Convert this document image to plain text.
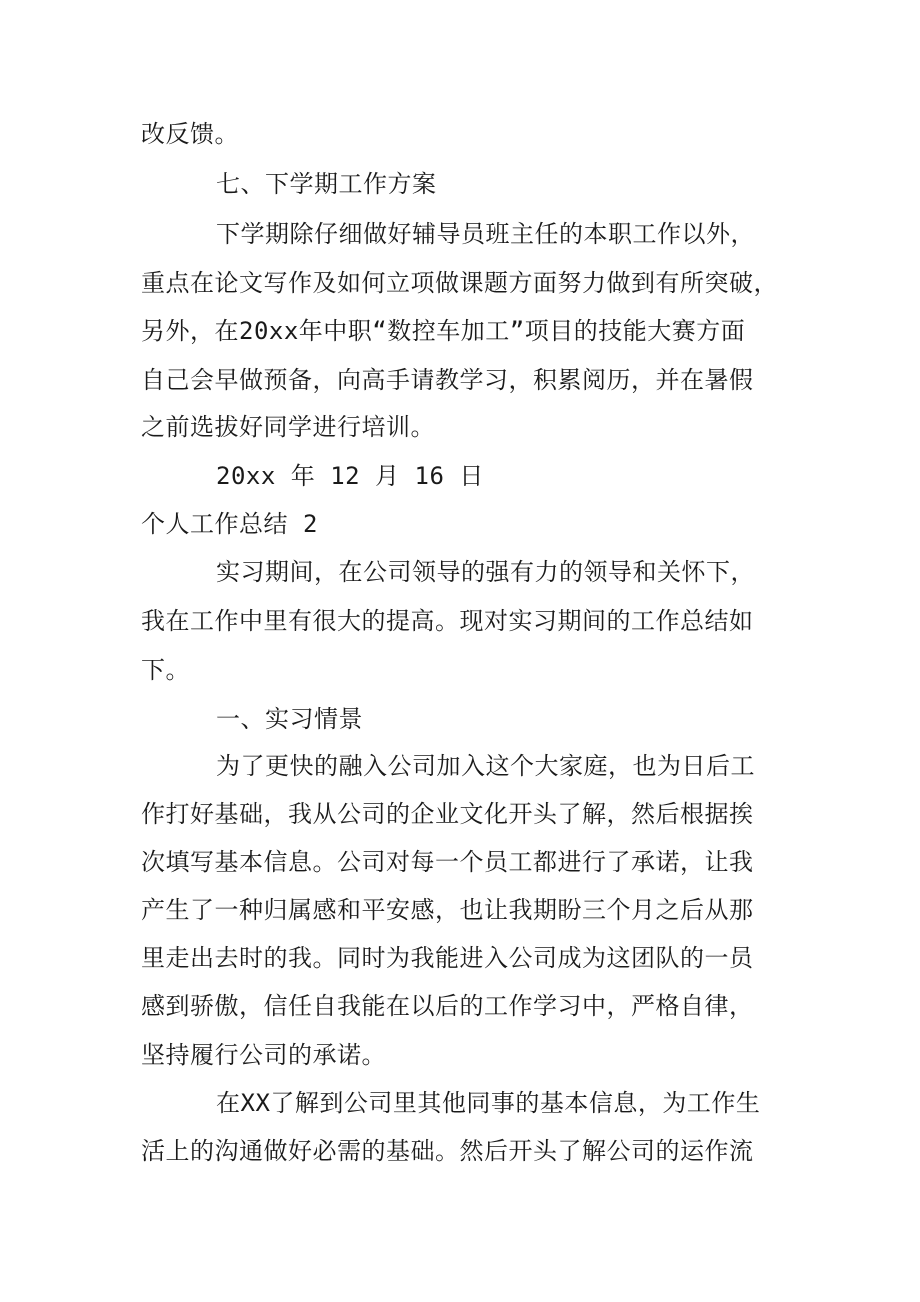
改反馈。
七、下学期工作方案
下学期除仔细做好辅导员班主任的本职工作以外，
重点在论文写作及如何立项做课题方面努力做到有所突破，
另外，在20xx年中职“数控车加工”项目的技能大赛方面
自己会早做预备，向高手请教学习，积累阅历，并在暑假
之前选拔好同学进行培训。
20xx 年 12 月 16 日
个人工作总结 2
实习期间，在公司领导的强有力的领导和关怀下，
我在工作中里有很大的提高。现对实习期间的工作总结如
下。
一、实习情景
为了更快的融入公司加入这个大家庭，也为日后工
作打好基础，我从公司的企业文化开头了解，然后根据挨
次填写基本信息。公司对每一个员工都进行了承诺，让我
产生了一种归属感和平安感，也让我期盼三个月之后从那
里走出去时的我。同时为我能进入公司成为这团队的一员
感到骄傲，信任自我能在以后的工作学习中，严格自律，
坚持履行公司的承诺。
在XX了解到公司里其他同事的基本信息，为工作生
活上的沟通做好必需的基础。然后开头了解公司的运作流
